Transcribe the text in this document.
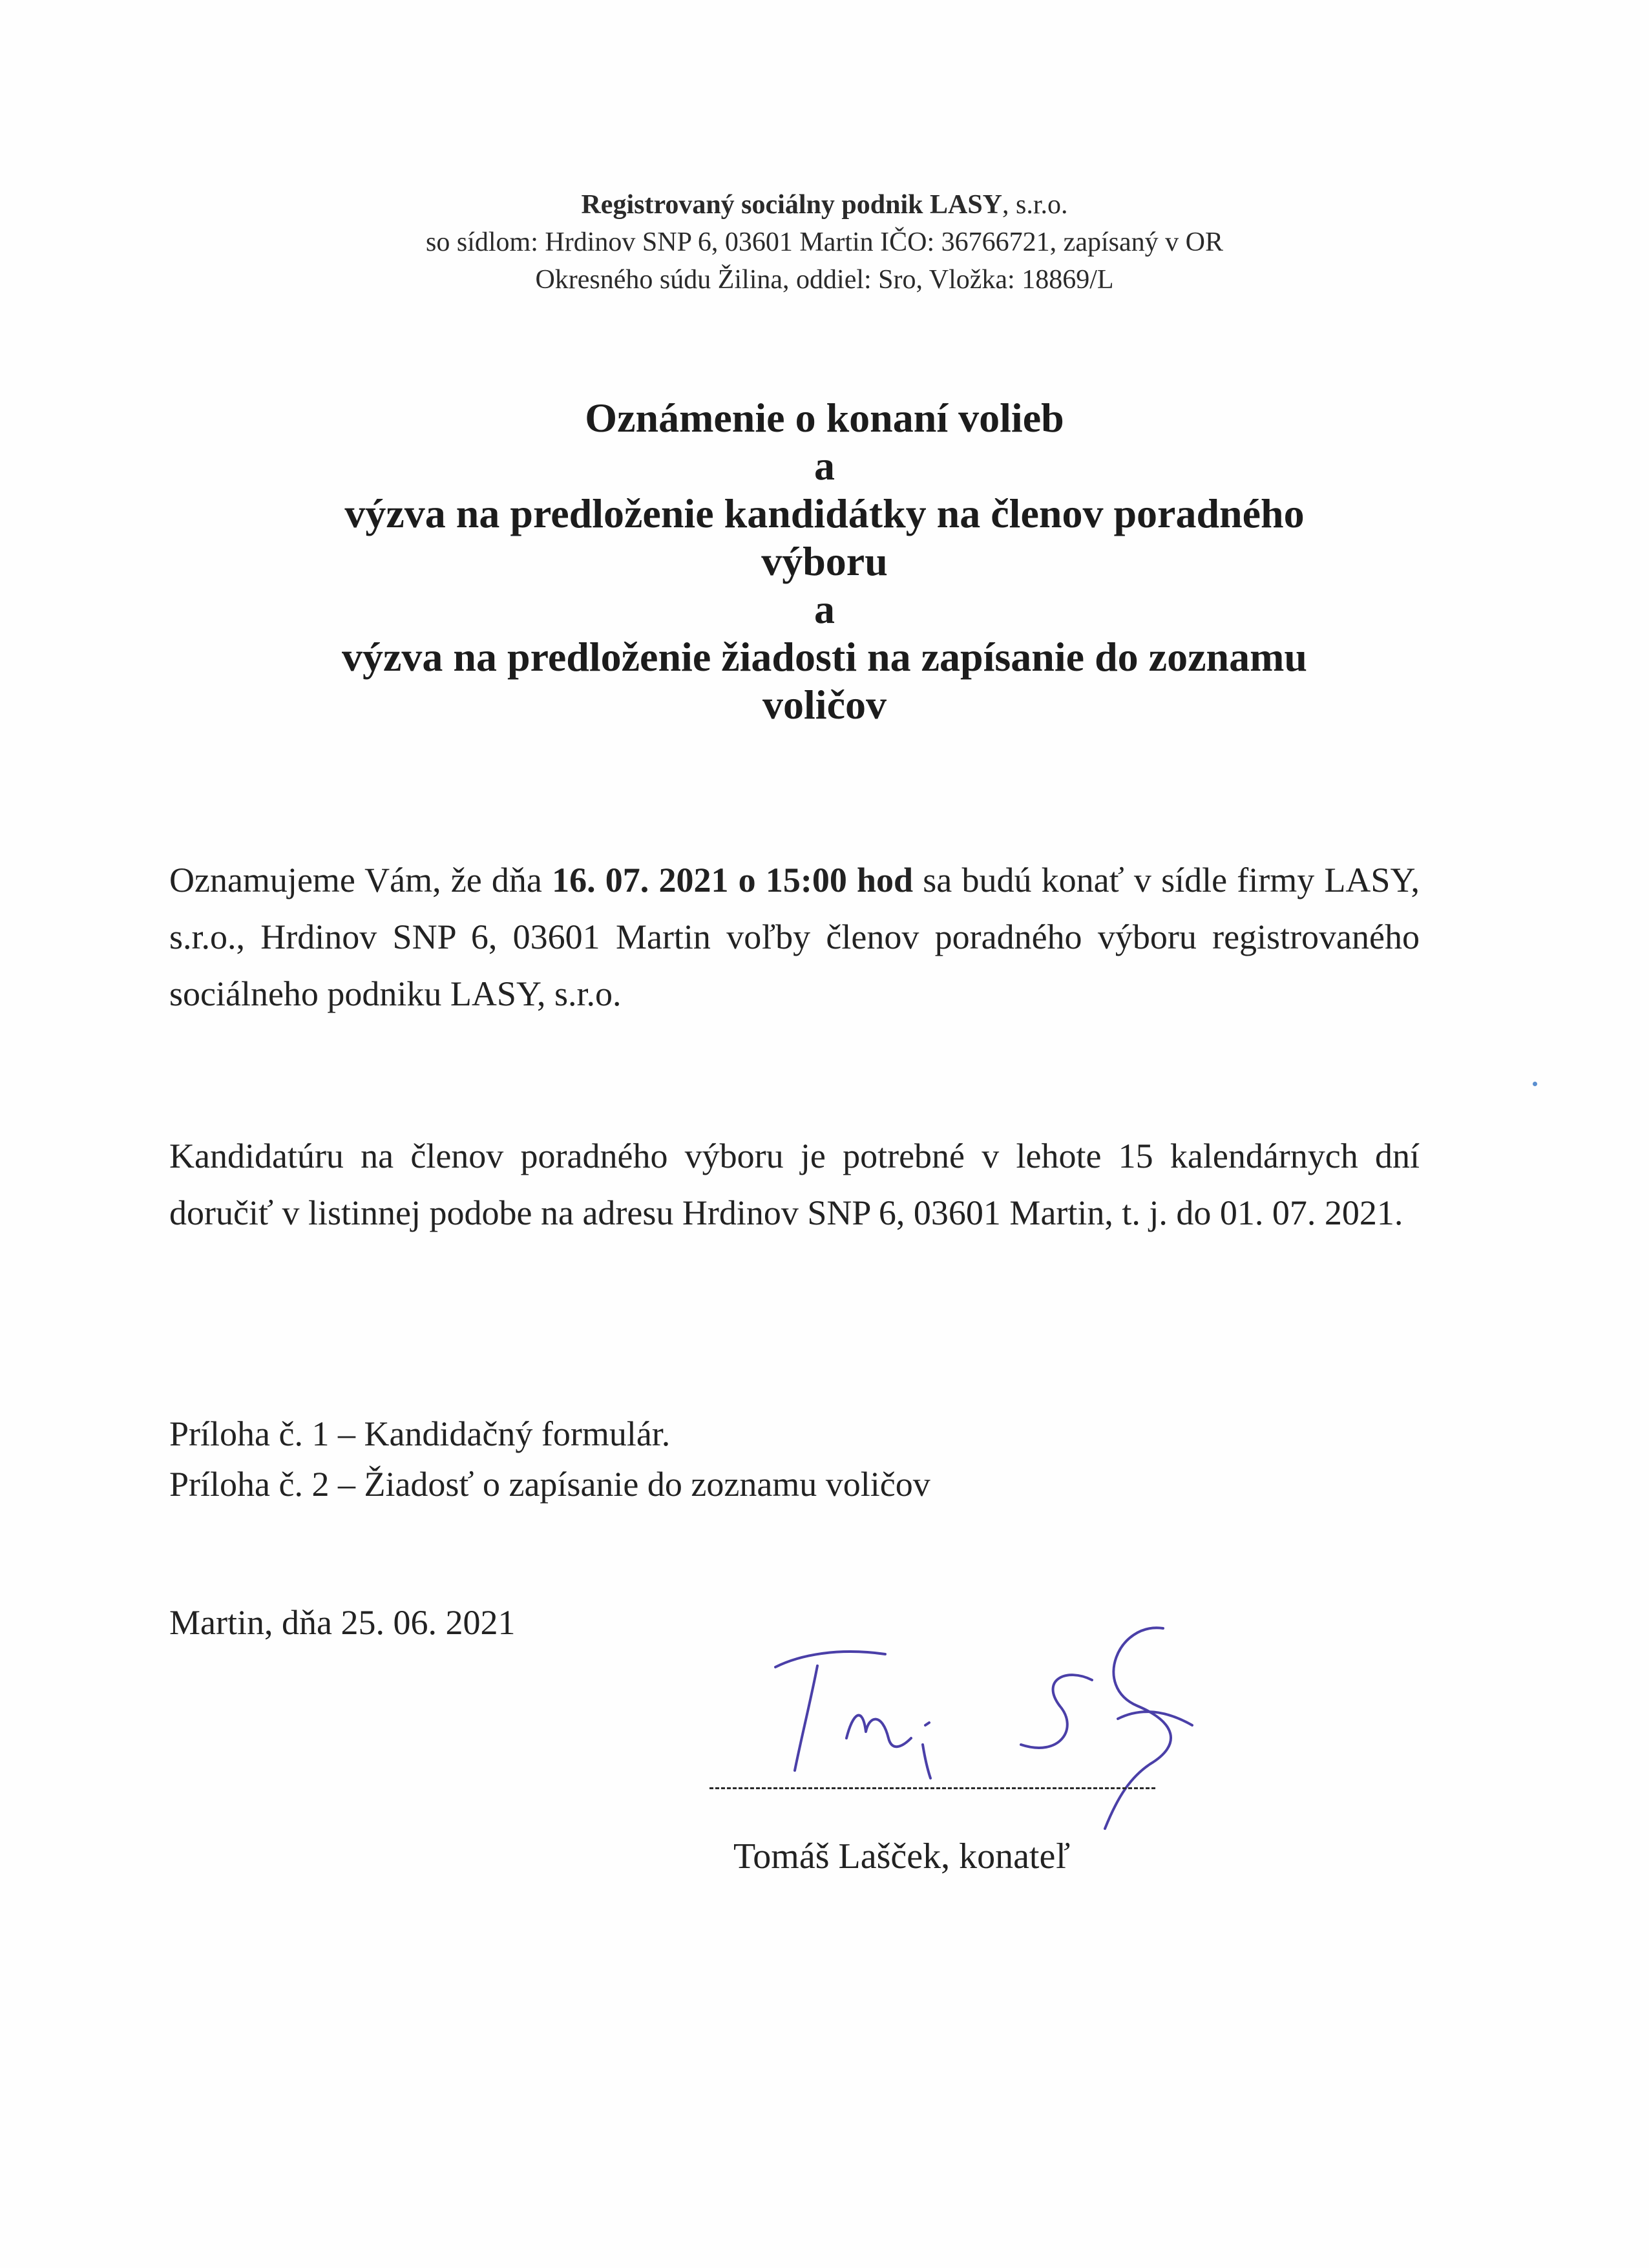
Registrovaný sociálny podnik LASY, s.r.o.
so sídlom: Hrdinov SNP 6, 03601 Martin IČO: 36766721, zapísaný v OR
Okresného súdu Žilina, oddiel: Sro, Vložka: 18869/L
Oznámenie o konaní volieb
a
výzva na predloženie kandidátky na členov poradného
výboru
a
výzva na predloženie žiadosti na zapísanie do zoznamu
voličov
Oznamujeme Vám, že dňa 16. 07. 2021 o 15:00 hod sa budú konať v sídle firmy LASY, s.r.o., Hrdinov SNP 6, 03601 Martin voľby členov poradného výboru registrovaného sociálneho podniku LASY, s.r.o.
Kandidatúru na členov poradného výboru je potrebné v lehote 15 kalendárnych dní doručiť v listinnej podobe na adresu Hrdinov SNP 6, 03601 Martin, t. j. do 01. 07. 2021.
Príloha č. 1 – Kandidačný formulár.
Príloha č. 2 – Žiadosť o zapísanie do zoznamu voličov
Martin, dňa 25. 06. 2021
Tomáš Lašček, konateľ
